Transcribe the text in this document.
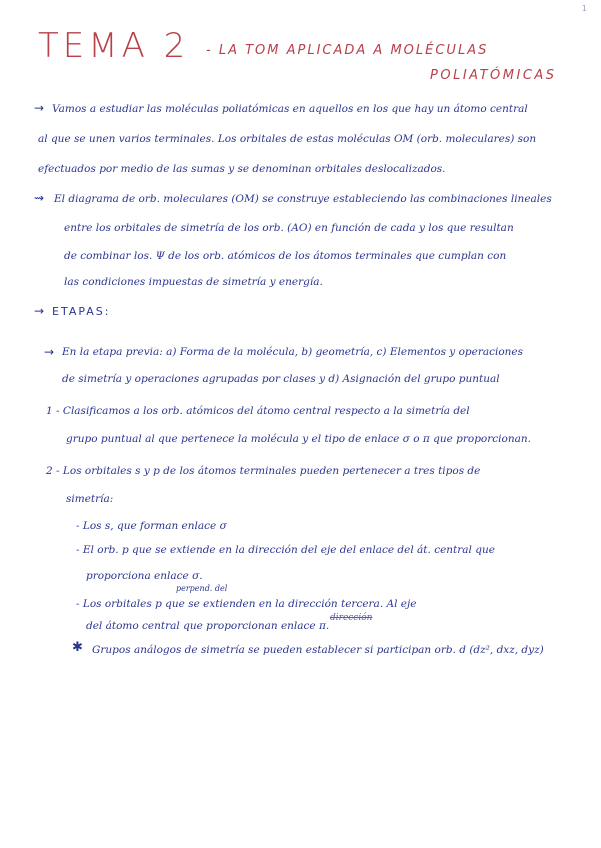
1
TEMA 2 - LA TOM APLICADA A MOLÉCULAS
POLIATÓMICAS
→ Vamos a estudiar las moléculas poliatómicas en aquellos en los que hay un átomo central
al que se unen varios terminales. Los orbitales de estas moléculas OM (orb. moleculares) son
efectuados por medio de las sumas y se denominan orbitales deslocalizados.
⇝ El diagrama de orb. moleculares (OM) se construye estableciendo las combinaciones lineales
entre los orbitales de simetría de los orb. (AO) en función de cada y los que resultan
de combinar los. Ψ de los orb. atómicos de los átomos terminales que cumplan con
las condiciones impuestas de simetría y energía.
→ ETAPAS:
→ En la etapa previa: a) Forma de la molécula, b) geometría, c) Elementos y operaciones
de simetría y operaciones agrupadas por clases y d) Asignación del grupo puntual
1 - Clasificamos a los orb. atómicos del átomo central respecto a la simetría del
grupo puntual al que pertenece la molécula y el tipo de enlace σ o π que proporcionan.
2 - Los orbitales s y p de los átomos terminales pueden pertenecer a tres tipos de
simetría:
- Los s, que forman enlace σ
- El orb. p que se extiende en la dirección del eje del enlace del át. central que
proporciona enlace σ.
perpend. del
- Los orbitales p que se extienden en la dirección tercera. Al eje
dirección
del átomo central que proporcionan enlace π.
✱ Grupos análogos de simetría se pueden establecer si participan orb. d (dz², dxz, dyz)
